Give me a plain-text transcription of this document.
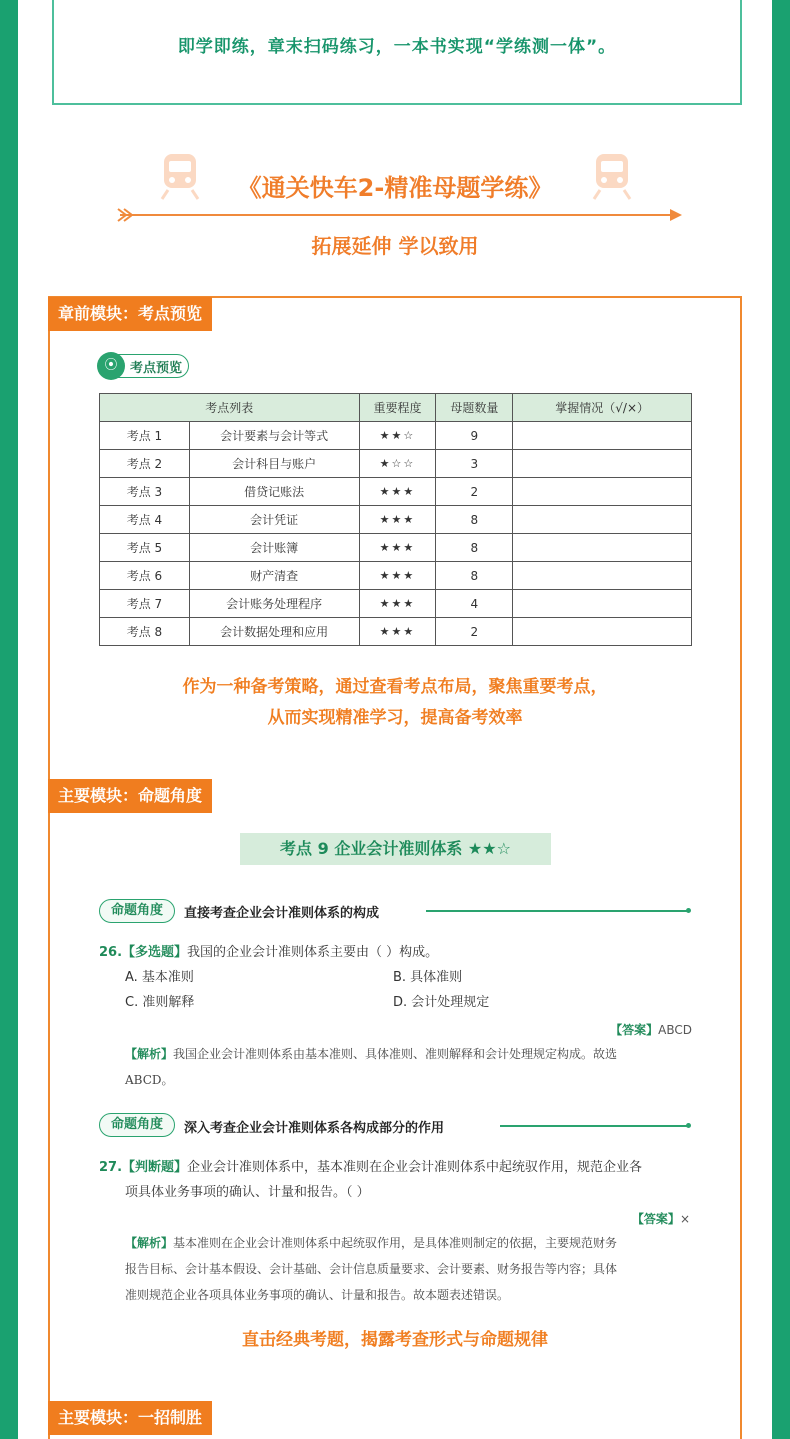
即学即练，章末扫码练习，一本书实现“学练测一体”。

《通关快车2-精准母题学练》
拓展延伸 学以致用
章前模块：考点预览
⦿ 考点预览
考点列表		重要程度	母题数量	掌握情况（√/×）
考点 1	会计要素与会计等式	★★☆	9	
考点 2	会计科目与账户	★☆☆	3	
考点 3	借贷记账法	★★★	2	
考点 4	会计凭证	★★★	8	
考点 5	会计账簿	★★★	8	
考点 6	财产清查	★★★	8	
考点 7	会计账务处理程序	★★★	4	
考点 8	会计数据处理和应用	★★★	2	
作为一种备考策略，通过查看考点布局，聚焦重要考点，
从而实现精准学习，提高备考效率
主要模块：命题角度
考点 9 企业会计准则体系 ★★☆
命题角度	直接考查企业会计准则体系的构成
26.【多选题】我国的企业会计准则体系主要由（ ）构成。
A. 基本准则	B. 具体准则
C. 准则解释	D. 会计处理规定
【答案】ABCD
【解析】我国企业会计准则体系由基本准则、具体准则、准则解释和会计处理规定构成。故选
ABCD。
命题角度	深入考查企业会计准则体系各构成部分的作用
27.【判断题】企业会计准则体系中，基本准则在企业会计准则体系中起统驭作用，规范企业各
项具体业务事项的确认、计量和报告。（ ）
【答案】×
【解析】基本准则在企业会计准则体系中起统驭作用，是具体准则制定的依据，主要规范财务
报告目标、会计基本假设、会计基础、会计信息质量要求、会计要素、财务报告等内容；具体
准则规范企业各项具体业务事项的确认、计量和报告。故本题表述错误。
直击经典考题，揭露考查形式与命题规律
主要模块：一招制胜
